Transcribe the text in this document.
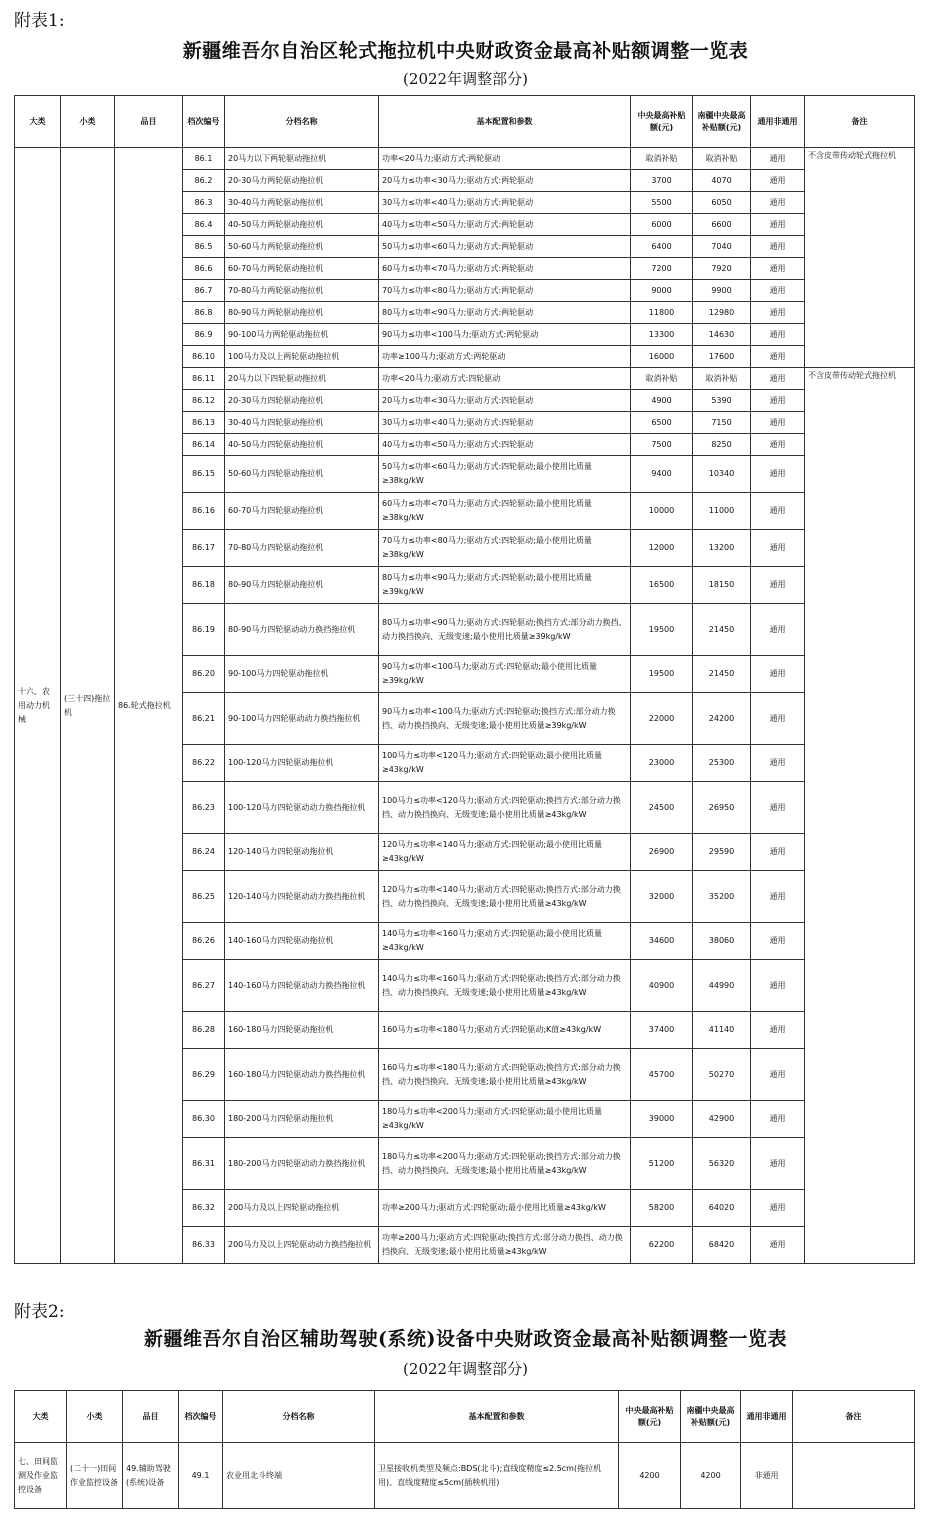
附表1:
新疆维吾尔自治区轮式拖拉机中央财政资金最高补贴额调整一览表
(2022年调整部分)
大类	小类	品目	档次编号	分档名称	基本配置和参数	中央最高补贴额(元)	南疆中央最高补贴额(元)	通用非通用	备注
十六、农用动力机械	(三十四)拖拉机	86.轮式拖拉机	86.1	20马力以下两轮驱动拖拉机	功率<20马力;驱动方式:两轮驱动	取消补贴	取消补贴	通用	不含皮带传动轮式拖拉机
			86.2	20-30马力两轮驱动拖拉机	20马力≤功率<30马力;驱动方式:两轮驱动	3700	4070	通用	
			86.3	30-40马力两轮驱动拖拉机	30马力≤功率<40马力;驱动方式:两轮驱动	5500	6050	通用	
			86.4	40-50马力两轮驱动拖拉机	40马力≤功率<50马力;驱动方式:两轮驱动	6000	6600	通用	
			86.5	50-60马力两轮驱动拖拉机	50马力≤功率<60马力;驱动方式:两轮驱动	6400	7040	通用	
			86.6	60-70马力两轮驱动拖拉机	60马力≤功率<70马力;驱动方式:两轮驱动	7200	7920	通用	
			86.7	70-80马力两轮驱动拖拉机	70马力≤功率<80马力;驱动方式:两轮驱动	9000	9900	通用	
			86.8	80-90马力两轮驱动拖拉机	80马力≤功率<90马力;驱动方式:两轮驱动	11800	12980	通用	
			86.9	90-100马力两轮驱动拖拉机	90马力≤功率<100马力;驱动方式:两轮驱动	13300	14630	通用	
			86.10	100马力及以上两轮驱动拖拉机	功率≥100马力;驱动方式:两轮驱动	16000	17600	通用	
			86.11	20马力以下四轮驱动拖拉机	功率<20马力;驱动方式:四轮驱动	取消补贴	取消补贴	通用	不含皮带传动轮式拖拉机
			86.12	20-30马力四轮驱动拖拉机	20马力≤功率<30马力;驱动方式:四轮驱动	4900	5390	通用	
			86.13	30-40马力四轮驱动拖拉机	30马力≤功率<40马力;驱动方式:四轮驱动	6500	7150	通用	
			86.14	40-50马力四轮驱动拖拉机	40马力≤功率<50马力;驱动方式:四轮驱动	7500	8250	通用	
			86.15	50-60马力四轮驱动拖拉机	50马力≤功率<60马力;驱动方式:四轮驱动;最小使用比质量≥38kg/kW	9400	10340	通用	
			86.16	60-70马力四轮驱动拖拉机	60马力≤功率<70马力;驱动方式:四轮驱动;最小使用比质量≥38kg/kW	10000	11000	通用	
			86.17	70-80马力四轮驱动拖拉机	70马力≤功率<80马力;驱动方式:四轮驱动;最小使用比质量≥38kg/kW	12000	13200	通用	
			86.18	80-90马力四轮驱动拖拉机	80马力≤功率<90马力;驱动方式:四轮驱动;最小使用比质量≥39kg/kW	16500	18150	通用	
			86.19	80-90马力四轮驱动动力换挡拖拉机	80马力≤功率<90马力;驱动方式:四轮驱动;换挡方式:部分动力换挡、动力换挡换向、无级变速;最小使用比质量≥39kg/kW	19500	21450	通用	
			86.20	90-100马力四轮驱动拖拉机	90马力≤功率<100马力;驱动方式:四轮驱动;最小使用比质量≥39kg/kW	19500	21450	通用	
			86.21	90-100马力四轮驱动动力换挡拖拉机	90马力≤功率<100马力;驱动方式:四轮驱动;换挡方式:部分动力换挡、动力换挡换向、无级变速;最小使用比质量≥39kg/kW	22000	24200	通用	
			86.22	100-120马力四轮驱动拖拉机	100马力≤功率<120马力;驱动方式:四轮驱动;最小使用比质量≥43kg/kW	23000	25300	通用	
			86.23	100-120马力四轮驱动动力换挡拖拉机	100马力≤功率<120马力;驱动方式:四轮驱动;换挡方式:部分动力换挡、动力换挡换向、无级变速;最小使用比质量≥43kg/kW	24500	26950	通用	
			86.24	120-140马力四轮驱动拖拉机	120马力≤功率<140马力;驱动方式:四轮驱动;最小使用比质量≥43kg/kW	26900	29590	通用	
			86.25	120-140马力四轮驱动动力换挡拖拉机	120马力≤功率<140马力;驱动方式:四轮驱动;换挡方式:部分动力换挡、动力换挡换向、无级变速;最小使用比质量≥43kg/kW	32000	35200	通用	
			86.26	140-160马力四轮驱动拖拉机	140马力≤功率<160马力;驱动方式:四轮驱动;最小使用比质量≥43kg/kW	34600	38060	通用	
			86.27	140-160马力四轮驱动动力换挡拖拉机	140马力≤功率<160马力;驱动方式:四轮驱动;换挡方式:部分动力换挡、动力换挡换向、无级变速;最小使用比质量≥43kg/kW	40900	44990	通用	
			86.28	160-180马力四轮驱动拖拉机	160马力≤功率<180马力;驱动方式:四轮驱动;K值≥43kg/kW	37400	41140	通用	
			86.29	160-180马力四轮驱动动力换挡拖拉机	160马力≤功率<180马力;驱动方式:四轮驱动;换挡方式:部分动力换挡、动力换挡换向、无级变速;最小使用比质量≥43kg/kW	45700	50270	通用	
			86.30	180-200马力四轮驱动拖拉机	180马力≤功率<200马力;驱动方式:四轮驱动;最小使用比质量≥43kg/kW	39000	42900	通用	
			86.31	180-200马力四轮驱动动力换挡拖拉机	180马力≤功率<200马力;驱动方式:四轮驱动;换挡方式:部分动力换挡、动力换挡换向、无级变速;最小使用比质量≥43kg/kW	51200	56320	通用	
			86.32	200马力及以上四轮驱动拖拉机	功率≥200马力;驱动方式:四轮驱动;最小使用比质量≥43kg/kW	58200	64020	通用	
			86.33	200马力及以上四轮驱动动力换挡拖拉机	功率≥200马力;驱动方式:四轮驱动;换挡方式:部分动力换挡、动力换挡换向、无级变速;最小使用比质量≥43kg/kW	62200	68420	通用	
附表2:
新疆维吾尔自治区辅助驾驶(系统)设备中央财政资金最高补贴额调整一览表
(2022年调整部分)
大类	小类	品目	档次编号	分档名称	基本配置和参数	中央最高补贴额(元)	南疆中央最高补贴额(元)	通用非通用	备注
七、田间监测及作业监控设备	(二十一)田间作业监控设备	49.辅助驾驶(系统)设备	49.1	农业用北斗终端	卫星接收机类型及频点:BDS(北斗);直线度精度≤2.5cm(拖拉机用)、直线度精度≤5cm(插秧机用)	4200	4200	非通用	
